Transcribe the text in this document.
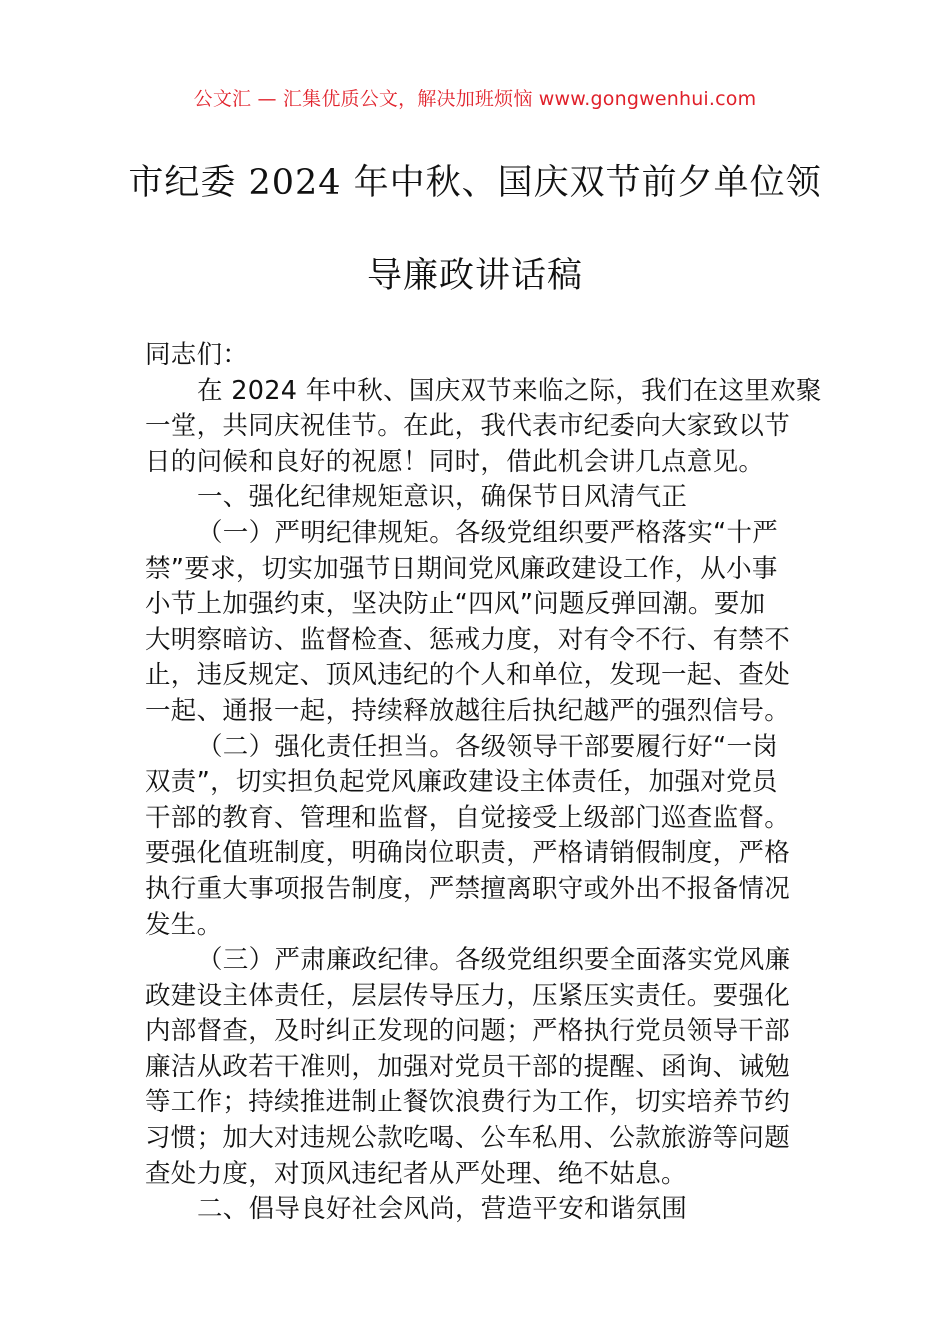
公文汇 — 汇集优质公文，解决加班烦恼 www.gongwenhui.com
市纪委 2024 年中秋、国庆双节前夕单位领
导廉政讲话稿
同志们：
在 2024 年中秋、国庆双节来临之际，我们在这里欢聚
一堂，共同庆祝佳节。在此，我代表市纪委向大家致以节
日的问候和良好的祝愿！同时，借此机会讲几点意见。
一、强化纪律规矩意识，确保节日风清气正
（一）严明纪律规矩。各级党组织要严格落实“十严
禁”要求，切实加强节日期间党风廉政建设工作，从小事
小节上加强约束，坚决防止“四风”问题反弹回潮。要加
大明察暗访、监督检查、惩戒力度，对有令不行、有禁不
止，违反规定、顶风违纪的个人和单位，发现一起、查处
一起、通报一起，持续释放越往后执纪越严的强烈信号。
（二）强化责任担当。各级领导干部要履行好“一岗
双责”，切实担负起党风廉政建设主体责任，加强对党员
干部的教育、管理和监督，自觉接受上级部门巡查监督。
要强化值班制度，明确岗位职责，严格请销假制度，严格
执行重大事项报告制度，严禁擅离职守或外出不报备情况
发生。
（三）严肃廉政纪律。各级党组织要全面落实党风廉
政建设主体责任，层层传导压力，压紧压实责任。要强化
内部督查，及时纠正发现的问题；严格执行党员领导干部
廉洁从政若干准则，加强对党员干部的提醒、函询、诫勉
等工作；持续推进制止餐饮浪费行为工作，切实培养节约
习惯；加大对违规公款吃喝、公车私用、公款旅游等问题
查处力度，对顶风违纪者从严处理、绝不姑息。
二、倡导良好社会风尚，营造平安和谐氛围
